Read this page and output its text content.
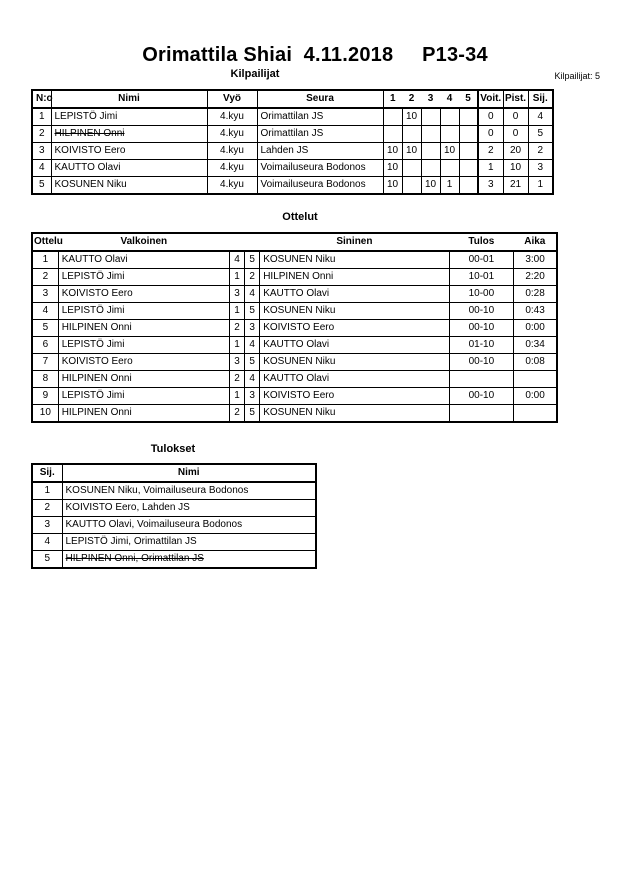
Orimattila Shiai  4.11.2018     P13-34
Kilpailijat	Kilpailijat: 5
N:o	Nimi	Vyö	Seura	1	2	3	4	5	Voit.	Pist.	Sij.
1	LEPISTÖ Jimi	4.kyu	Orimattilan JS		10				0	0	4
2	HILPINEN Onni	4.kyu	Orimattilan JS						0	0	5
3	KOIVISTO Eero	4.kyu	Lahden JS	10	10		10		2	20	2
4	KAUTTO Olavi	4.kyu	Voimailuseura Bodonos	10					1	10	3
5	KOSUNEN Niku	4.kyu	Voimailuseura Bodonos	10		10	1		3	21	1
Ottelut
Ottelu	Valkoinen			Sininen	Tulos	Aika
1	KAUTTO Olavi	4	5	KOSUNEN Niku	00-01	3:00
2	LEPISTÖ Jimi	1	2	HILPINEN Onni	10-01	2:20
3	KOIVISTO Eero	3	4	KAUTTO Olavi	10-00	0:28
4	LEPISTÖ Jimi	1	5	KOSUNEN Niku	00-10	0:43
5	HILPINEN Onni	2	3	KOIVISTO Eero	00-10	0:00
6	LEPISTÖ Jimi	1	4	KAUTTO Olavi	01-10	0:34
7	KOIVISTO Eero	3	5	KOSUNEN Niku	00-10	0:08
8	HILPINEN Onni	2	4	KAUTTO Olavi		
9	LEPISTÖ Jimi	1	3	KOIVISTO Eero	00-10	0:00
10	HILPINEN Onni	2	5	KOSUNEN Niku		
Tulokset
Sij.	Nimi
1	KOSUNEN Niku, Voimailuseura Bodonos
2	KOIVISTO Eero, Lahden JS
3	KAUTTO Olavi, Voimailuseura Bodonos
4	LEPISTÖ Jimi, Orimattilan JS
5	HILPINEN Onni, Orimattilan JS
